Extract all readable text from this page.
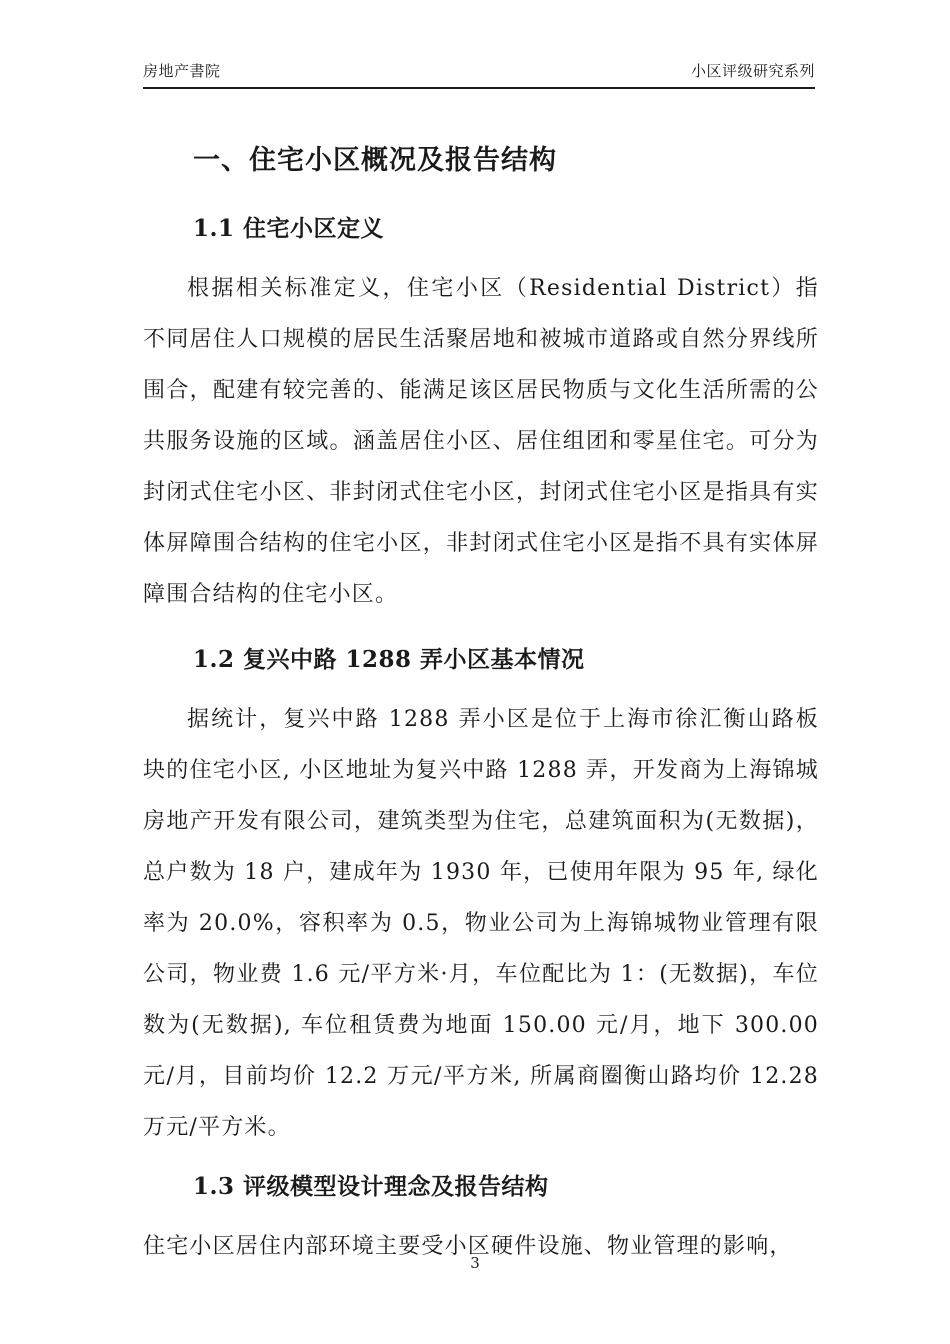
房地产書院	小区评级研究系列
一、住宅小区概况及报告结构
1.1 住宅小区定义

根据相关标准定义，住宅小区（Residential District）指不同居住人口规模的居民生活聚居地和被城市道路或自然分界线所围合，配建有较完善的、能满足该区居民物质与文化生活所需的公共服务设施的区域。涵盖居住小区、居住组团和零星住宅。可分为封闭式住宅小区、非封闭式住宅小区，封闭式住宅小区是指具有实体屏障围合结构的住宅小区，非封闭式住宅小区是指不具有实体屏障围合结构的住宅小区。

1.2 复兴中路 1288 弄小区基本情况

据统计，复兴中路 1288 弄小区是位于上海市徐汇衡山路板块的住宅小区, 小区地址为复兴中路 1288 弄，开发商为上海锦城房地产开发有限公司，建筑类型为住宅，总建筑面积为(无数据)，总户数为 18 户，建成年为 1930 年，已使用年限为 95 年, 绿化率为 20.0%，容积率为 0.5，物业公司为上海锦城物业管理有限公司，物业费 1.6 元/平方米·月，车位配比为 1：(无数据)，车位数为(无数据), 车位租赁费为地面 150.00 元/月，地下 300.00 元/月，目前均价 12.2 万元/平方米, 所属商圈衡山路均价 12.28 万元/平方米。

1.3 评级模型设计理念及报告结构

住宅小区居住内部环境主要受小区硬件设施、物业管理的影响，

3
